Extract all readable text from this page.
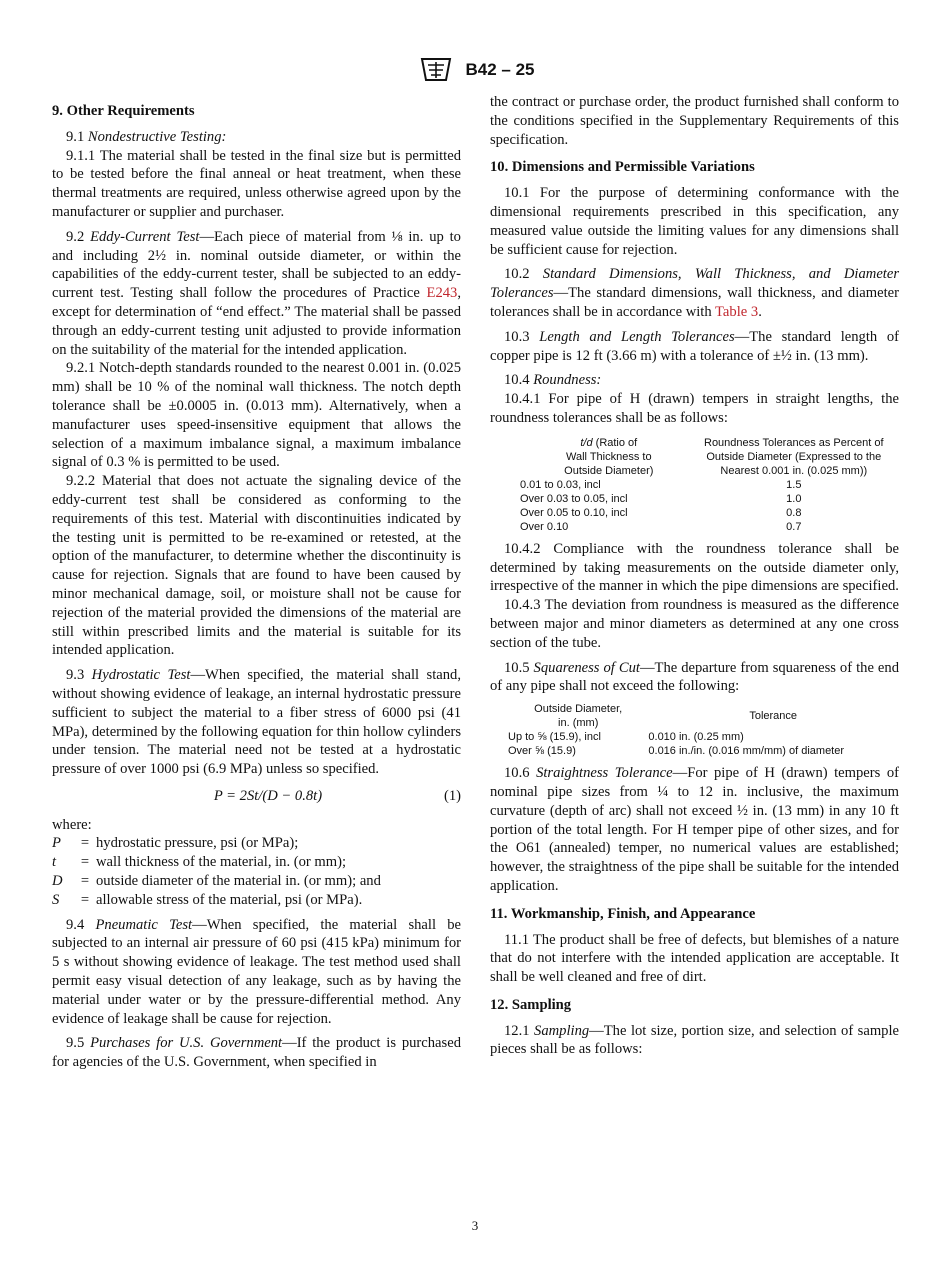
B42 – 25
9. Other Requirements

9.1 Nondestructive Testing:

9.1.1 The material shall be tested in the final size but is permitted to be tested before the final anneal or heat treatment, when these thermal treatments are required, unless otherwise agreed upon by the manufacturer or supplier and purchaser.

9.2 Eddy-Current Test—Each piece of material from ⅛ in. up to and including 2½ in. nominal outside diameter, or within the capabilities of the eddy-current tester, shall be subjected to an eddy-current test. Testing shall follow the procedures of Practice E243, except for determination of “end effect.” The material shall be passed through an eddy-current testing unit adjusted to provide information on the suitability of the material for the intended application.

9.2.1 Notch-depth standards rounded to the nearest 0.001 in. (0.025 mm) shall be 10 % of the nominal wall thickness. The notch depth tolerance shall be ±0.0005 in. (0.013 mm). Alternatively, when a manufacturer uses speed-insensitive equipment that allows the selection of a maximum imbalance signal, a maximum imbalance signal of 0.3 % is permitted to be used.

9.2.2 Material that does not actuate the signaling device of the eddy-current test shall be considered as conforming to the requirements of this test. Material with discontinuities indicated by the testing unit is permitted to be re-examined or retested, at the option of the manufacturer, to determine whether the discontinuity is cause for rejection. Signals that are found to have been caused by minor mechanical damage, soil, or moisture shall not be cause for rejection of the material provided the dimensions of the material are still within prescribed limits and the material is suitable for its intended application.

9.3 Hydrostatic Test—When specified, the material shall stand, without showing evidence of leakage, an internal hydrostatic pressure sufficient to subject the material to a fiber stress of 6000 psi (41 MPa), determined by the following equation for thin hollow cylinders under tension. The material need not be tested at a hydrostatic pressure of over 1000 psi (6.9 MPa) unless so specified.

P = 2St/(D − 0.8t)	(1)

where:

P	= hydrostatic pressure, psi (or MPa);
t	= wall thickness of the material, in. (or mm);
D	= outside diameter of the material in. (or mm); and
S	= allowable stress of the material, psi (or MPa).

9.4 Pneumatic Test—When specified, the material shall be subjected to an internal air pressure of 60 psi (415 kPa) minimum for 5 s without showing evidence of leakage. The test method used shall permit easy visual detection of any leakage, such as by having the material under water or by the pressure-differential method. Any evidence of leakage shall be cause for rejection.

9.5 Purchases for U.S. Government—If the product is purchased for agencies of the U.S. Government, when specified in

the contract or purchase order, the product furnished shall conform to the conditions specified in the Supplementary Requirements of this specification.

10. Dimensions and Permissible Variations

10.1 For the purpose of determining conformance with the dimensional requirements prescribed in this specification, any measured value outside the limiting values for any dimensions shall be sufficient cause for rejection.

10.2 Standard Dimensions, Wall Thickness, and Diameter Tolerances—The standard dimensions, wall thickness, and diameter tolerances shall be in accordance with Table 3.

10.3 Length and Length Tolerances—The standard length of copper pipe is 12 ft (3.66 m) with a tolerance of ±½ in. (13 mm).

10.4 Roundness:

10.4.1 For pipe of H (drawn) tempers in straight lengths, the roundness tolerances shall be as follows:

t/d (Ratio of
Wall Thickness to
Outside Diameter)	Roundness Tolerances as Percent of Outside Diameter (Expressed to the Nearest 0.001 in. (0.025 mm))
0.01 to 0.03, incl	1.5
Over 0.03 to 0.05, incl	1.0
Over 0.05 to 0.10, incl	0.8
Over 0.10	0.7

10.4.2 Compliance with the roundness tolerance shall be determined by taking measurements on the outside diameter only, irrespective of the manner in which the pipe dimensions are specified.

10.4.3 The deviation from roundness is measured as the difference between major and minor diameters as determined at any one cross section of the tube.

10.5 Squareness of Cut—The departure from squareness of the end of any pipe shall not exceed the following:

Outside Diameter,
in. (mm)	Tolerance
Up to ⅝ (15.9), incl	0.010 in. (0.25 mm)
Over ⅝ (15.9)	0.016 in./in. (0.016 mm/mm) of diameter

10.6 Straightness Tolerance—For pipe of H (drawn) tempers of nominal pipe sizes from ¼ to 12 in. inclusive, the maximum curvature (depth of arc) shall not exceed ½ in. (13 mm) in any 10 ft portion of the total length. For H temper pipe of other sizes, and for the O61 (annealed) temper, no numerical values are established; however, the straightness of the pipe shall be suitable for the intended application.

11. Workmanship, Finish, and Appearance

11.1 The product shall be free of defects, but blemishes of a nature that do not interfere with the intended application are acceptable. It shall be well cleaned and free of dirt.

12. Sampling

12.1 Sampling—The lot size, portion size, and selection of sample pieces shall be as follows:

3
